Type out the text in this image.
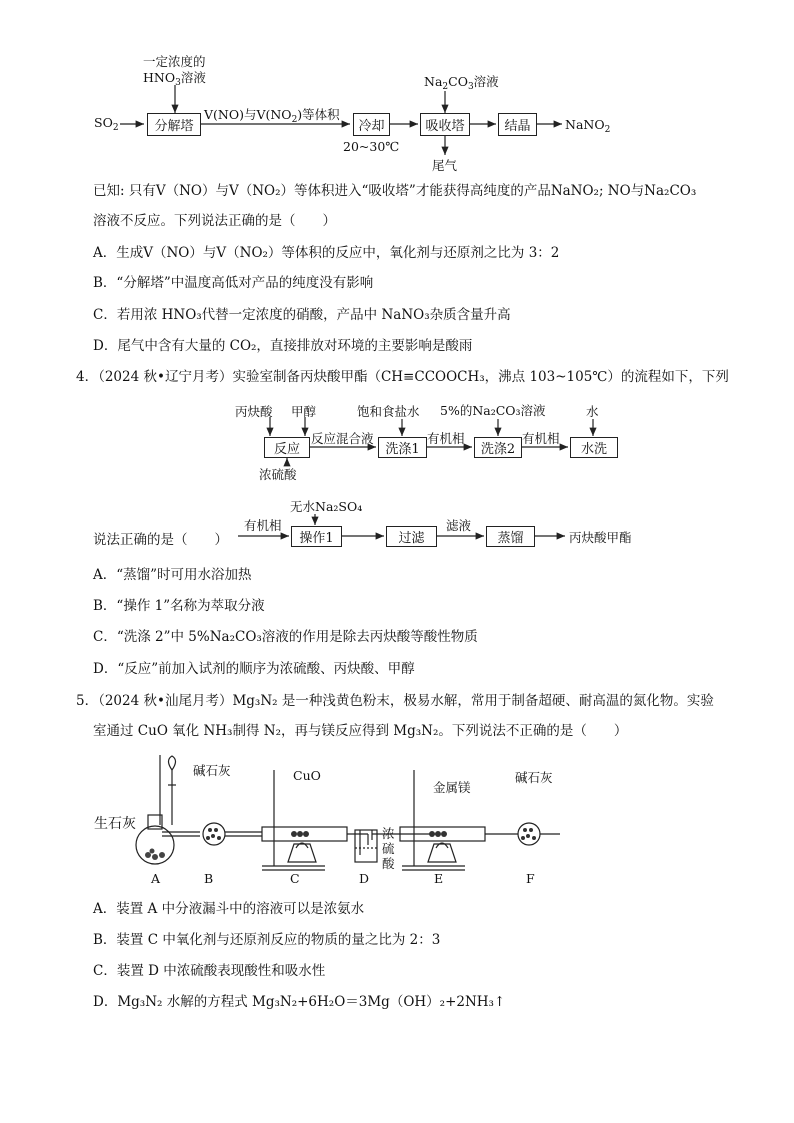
一定浓度的
$HNO_3$溶液
$SO_2$	分解塔
V(NO)与$V(NO_2)$等体积
冷却
20~30℃
$Na_2CO_3$溶液
吸收塔
尾气
结晶	NaNO$_2$
已知: 只有V（NO）与V（NO₂）等体积进入“吸收塔”才能获得高纯度的产品NaNO₂; NO与Na₂CO₃
溶液不反应。下列说法正确的是（　　）
A．生成V（NO）与V（NO₂）等体积的反应中，氧化剂与还原剂之比为 3：2
B．“分解塔”中温度高低对产品的纯度没有影响
C．若用浓 HNO₃代替一定浓度的硝酸，产品中 NaNO₃杂质含量升高
D．尾气中含有大量的 CO₂，直接排放对环境的主要影响是酸雨
4．（2024 秋•辽宁月考）实验室制备丙炔酸甲酯（CH≡CCOOCH₃，沸点 103~105℃）的流程如下，下列
丙炔酸 甲醇
反应
反应混合液
浓硫酸
饱和食盐水
洗涤1
有机相
5%的Na₂CO₃溶液
洗涤2
有机相
水
水洗
有机相
无水Na₂SO₄
操作1	过滤
滤液
蒸馏	丙炔酸甲酯
说法正确的是（　　）
A．“蒸馏”时可用水浴加热
B．“操作 1”名称为萃取分液
C．“洗涤 2”中 5%Na₂CO₃溶液的作用是除去丙炔酸等酸性物质
D．“反应”前加入试剂的顺序为浓硫酸、丙炔酸、甲醇
5．（2024 秋•汕尾月考）Mg₃N₂ 是一种浅黄色粉末，极易水解，常用于制备超硬、耐高温的氮化物。实验
室通过 CuO 氧化 NH₃制得 N₂，再与镁反应得到 Mg₃N₂。下列说法不正确的是（　　）
生石灰
碱石灰	CuO
浓
硫
酸
金属镁
碱石灰
A	B	C	D	E	F
A．装置 A 中分液漏斗中的溶液可以是浓氨水
B．装置 C 中氧化剂与还原剂反应的物质的量之比为 2：3
C．装置 D 中浓硫酸表现酸性和吸水性
D．Mg₃N₂ 水解的方程式 Mg₃N₂+6H₂O＝3Mg（OH）₂+2NH₃↑
